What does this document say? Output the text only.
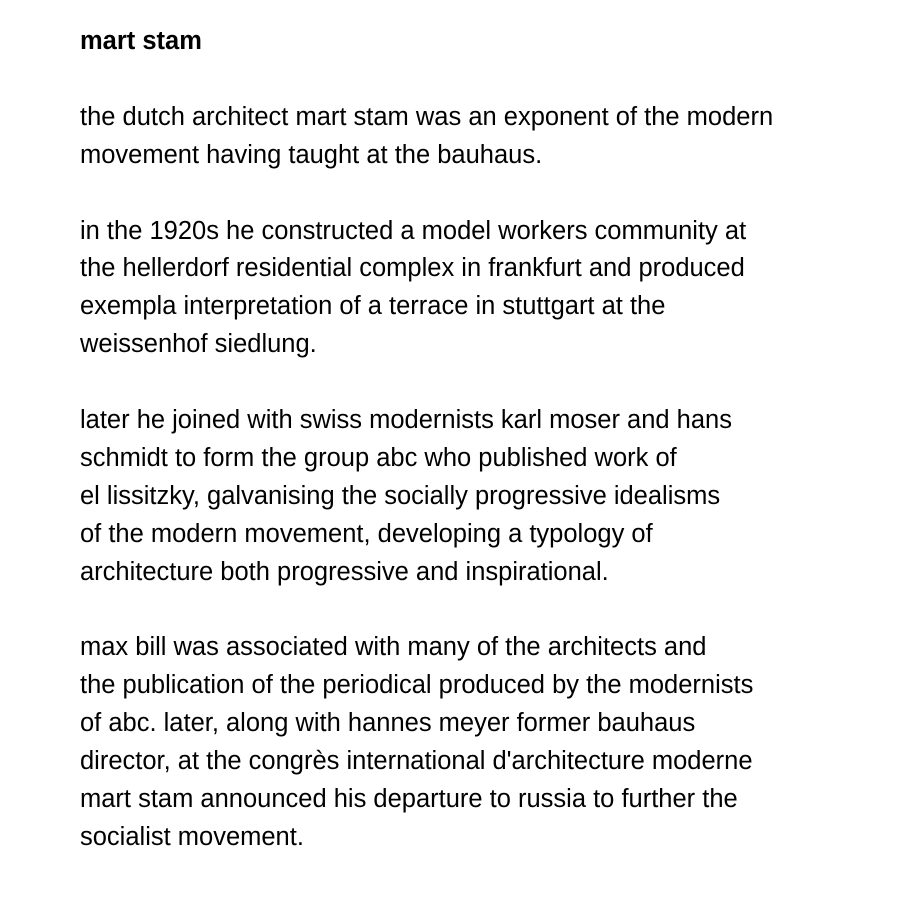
mart stam

the dutch architect mart stam was an exponent of the modern
movement having taught at the bauhaus.

in the 1920s he constructed a model workers community at
the hellerdorf residential complex in frankfurt and produced
exempla interpretation of a terrace in stuttgart at the
weissenhof siedlung.

later he joined with swiss modernists karl moser and hans
schmidt to form the group abc who published work of
el lissitzky, galvanising the socially progressive idealisms
of the modern movement, developing a typology of
architecture both progressive and inspirational.

max bill was associated with many of the architects and
the publication of the periodical produced by the modernists
of abc. later, along with hannes meyer former bauhaus
director, at the congrès international d'architecture moderne
mart stam announced his departure to russia to further the
socialist movement.
